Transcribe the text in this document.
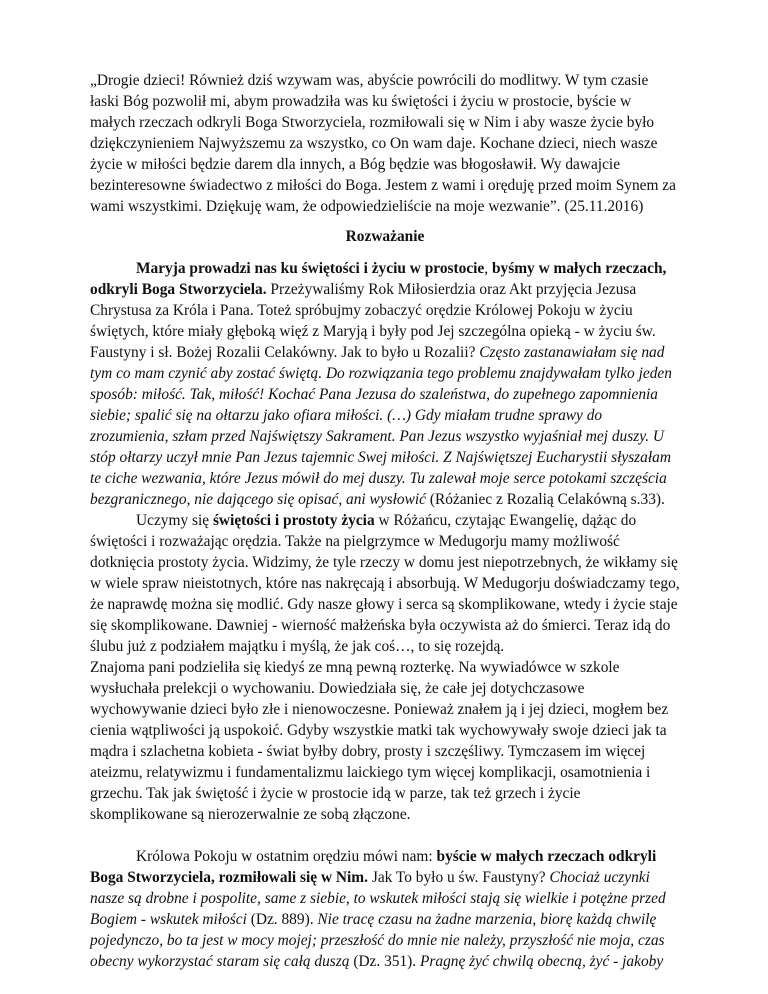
„Drogie dzieci! Również dziś wzywam was, abyście powrócili do modlitwy. W tym czasie łaski Bóg pozwolił mi, abym prowadziła was ku świętości i życiu w prostocie, byście w małych rzeczach odkryli Boga Stworzyciela, rozmiłowali się w Nim i aby wasze życie było dziękczynieniem Najwyższemu za wszystko, co On wam daje. Kochane dzieci, niech wasze życie w miłości będzie darem dla innych, a Bóg będzie was błogosławił. Wy dawajcie bezinteresowne świadectwo z miłości do Boga. Jestem z wami i oręduję przed moim Synem za wami wszystkimi. Dziękuję wam, że odpowiedzieliście na moje wezwanie”. (25.11.2016)

Rozważanie

Maryja prowadzi nas ku świętości i życiu w prostocie, byśmy w małych rzeczach, odkryli Boga Stworzyciela. Przeżywaliśmy Rok Miłosierdzia oraz Akt przyjęcia Jezusa Chrystusa za Króla i Pana. Toteż spróbujmy zobaczyć orędzie Królowej Pokoju w życiu świętych, które miały głęboką więź z Maryją i były pod Jej szczególna opieką - w życiu św. Faustyny i sł. Bożej Rozalii Celakówny. Jak to było u Rozalii? Często zastanawiałam się nad tym co mam czynić aby zostać świętą. Do rozwiązania tego problemu znajdywałam tylko jeden sposób: miłość. Tak, miłość! Kochać Pana Jezusa do szaleństwa, do zupełnego zapomnienia siebie; spalić się na ołtarzu jako ofiara miłości. (…) Gdy miałam trudne sprawy do zrozumienia, szłam przed Najświętszy Sakrament. Pan Jezus wszystko wyjaśniał mej duszy. U stóp ołtarzy uczył mnie Pan Jezus tajemnic Swej miłości. Z Najświętszej Eucharystii słyszałam te ciche wezwania, które Jezus mówił do mej duszy. Tu zalewał moje serce potokami szczęścia bezgranicznego, nie dającego się opisać, ani wysłowić (Różaniec z Rozalią Celakówną s.33).

Uczymy się świętości i prostoty życia w Różańcu, czytając Ewangelię, dążąc do świętości i rozważając orędzia. Także na pielgrzymce w Medugorju mamy możliwość dotknięcia prostoty życia. Widzimy, że tyle rzeczy w domu jest niepotrzebnych, że wikłamy się w wiele spraw nieistotnych, które nas nakręcają i absorbują. W Medugorju doświadczamy tego, że naprawdę można się modlić. Gdy nasze głowy i serca są skomplikowane, wtedy i życie staje się skomplikowane. Dawniej - wierność małżeńska była oczywista aż do śmierci. Teraz idą do ślubu już z podziałem majątku i myślą, że jak coś…, to się rozejdą.

Znajoma pani podzieliła się kiedyś ze mną pewną rozterkę. Na wywiadówce w szkole wysłuchała prelekcji o wychowaniu. Dowiedziała się, że całe jej dotychczasowe wychowywanie dzieci było złe i nienowoczesne. Ponieważ znałem ją i jej dzieci, mogłem bez cienia wątpliwości ją uspokoić. Gdyby wszystkie matki tak wychowywały swoje dzieci jak ta mądra i szlachetna kobieta - świat byłby dobry, prosty i szczęśliwy. Tymczasem im więcej ateizmu, relatywizmu i fundamentalizmu laickiego tym więcej komplikacji, osamotnienia i grzechu. Tak jak świętość i życie w prostocie idą w parze, tak też grzech i życie skomplikowane są nierozerwalnie ze sobą złączone.

Królowa Pokoju w ostatnim orędziu mówi nam: byście w małych rzeczach odkryli Boga Stworzyciela, rozmiłowali się w Nim. Jak To było u św. Faustyny? Chociaż uczynki nasze są drobne i pospolite, same z siebie, to wskutek miłości stają się wielkie i potężne przed Bogiem - wskutek miłości (Dz. 889). Nie tracę czasu na żadne marzenia, biorę każdą chwilę pojedynczo, bo ta jest w mocy mojej; przeszłość do mnie nie należy, przyszłość nie moja, czas obecny wykorzystać staram się całą duszą (Dz. 351). Pragnę żyć chwilą obecną, żyć - jakoby
